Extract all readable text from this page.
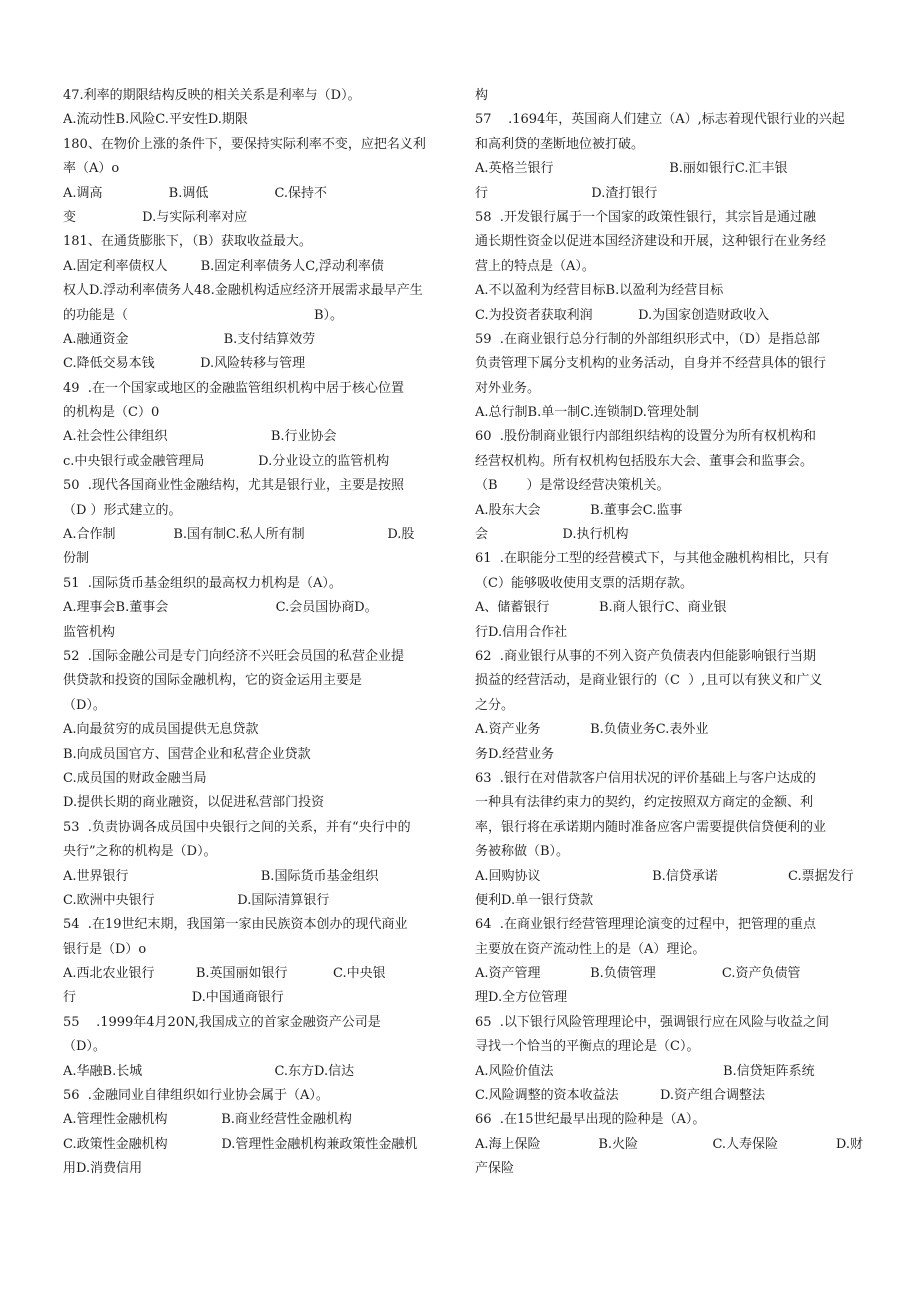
47.利率的期限结构反映的相关关系是利率与（D）。
A.流动性B.风险C.平安性D.期限
180、在物价上涨的条件下，要保持实际利率不变，应把名义利
率（A）o
A.调高                B.调低                C.保持不
变                D.与实际利率对应
181、在通货膨胀下，（B）获取收益最大。
A.固定利率债权人        B.固定利率债务人C,浮动利率债
权人D.浮动利率债务人48.金融机构适应经济开展需求最早产生
的功能是（                                             B）。
A.融通资金                       B.支付结算效劳
C.降低交易本钱           D.风险转移与管理
49  .在一个国家或地区的金融监管组织机构中居于核心位置
的机构是（C）0
A.社会性公律组织                         B.行业协会
c.中央银行或金融管理局             D.分业设立的监管机构
50  .现代各国商业性金融结构，尤其是银行业，主要是按照
（D ）形式建立的。
A.合作制              B.国有制C.私人所有制                    D.股
份制
51  .国际货币基金组织的最高权力机构是（A）。
A.理事会B.董事会                          C.会员国协商D。
监管机构
52  .国际金融公司是专门向经济不兴旺会员国的私营企业提
供贷款和投资的国际金融机构，它的资金运用主要是
（D）。
A.向最贫穷的成员国提供无息贷款
B.向成员国官方、国营企业和私营企业贷款
C.成员国的财政金融当局
D.提供长期的商业融资，以促进私营部门投资
53  .负责协调各成员国中央银行之间的关系，并有“央行中的
央行”之称的机构是（D）。
A.世界银行                                B.国际货币基金组织
C.欧洲中央银行                    D.国际清算银行
54  .在19世纪末期，我国第一家由民族资本创办的现代商业
银行是（D）o
A.西北农业银行          B.英国丽如银行           C.中央银
行                            D.中国通商银行
55    .1999年4月20N,我国成立的首家金融资产公司是
（D）。
A.华融B.长城                                C.东方D.信达
56  .金融同业自律组织如行业协会属于（A）。
A.管理性金融机构             B.商业经营性金融机构
C.政策性金融机构             D.管理性金融机构兼政策性金融机
用D.消费信用
构
57    .1694年，英国商人们建立（A）,标志着现代银行业的兴起
和高利贷的垄断地位被打破。
A.英格兰银行                            B.丽如银行C.汇丰银
行                         D.渣打银行
58  .开发银行属于一个国家的政策性银行，其宗旨是通过融
通长期性资金以促进本国经济建设和开展，这种银行在业务经
营上的特点是（A）。
A.不以盈利为经营目标B.以盈利为经营目标
C.为投资者获取利润           D.为国家创造财政收入
59  .在商业银行总分行制的外部组织形式中，（D）是指总部
负责管理下属分支机构的业务活动，自身并不经营具体的银行
对外业务。
A.总行制B.单一制C.连锁制D.管理处制
60  .股份制商业银行内部组织结构的设置分为所有权机构和
经营权机构。所有权机构包括股东大会、董事会和监事会。
（B       ）是常设经营决策机关。
A.股东大会            B.董事会C.监事
会                  D.执行机构
61  .在职能分工型的经营模式下，与其他金融机构相比，只有
（C）能够吸收使用支票的活期存款。
A、储蓄银行            B.商人银行C、商业银
行D.信用合作社
62  .商业银行从事的不列入资产负债表内但能影响银行当期
损益的经营活动，是商业银行的（C  ）,且可以有狭义和广义
之分。
A.资产业务            B.负债业务C.表外业
务D.经营业务
63  .银行在对借款客户信用状况的评价基础上与客户达成的
一种具有法律约束力的契约，约定按照双方商定的金额、利
率，银行将在承诺期内随时准备应客户需要提供信贷便利的业
务被称做（B）。
A.回购协议                           B.信贷承诺                 C.票据发行
便利D.单一银行贷款
64  .在商业银行经营管理理论演变的过程中，把管理的重点
主要放在资产流动性上的是（A）理论。
A.资产管理            B.负债管理                C.资产负债管
理D.全方位管理
65  .以下银行风险管理理论中，强调银行应在风险与收益之间
寻找一个恰当的平衡点的理论是（C）。
A.风险价值法                                         B.信贷矩阵系统
C.风险调整的资本收益法          D.资产组合调整法
66  .在15世纪最早出现的险种是（A）。
A.海上保险              B.火险                  C.人寿保险              D.财
产保险
